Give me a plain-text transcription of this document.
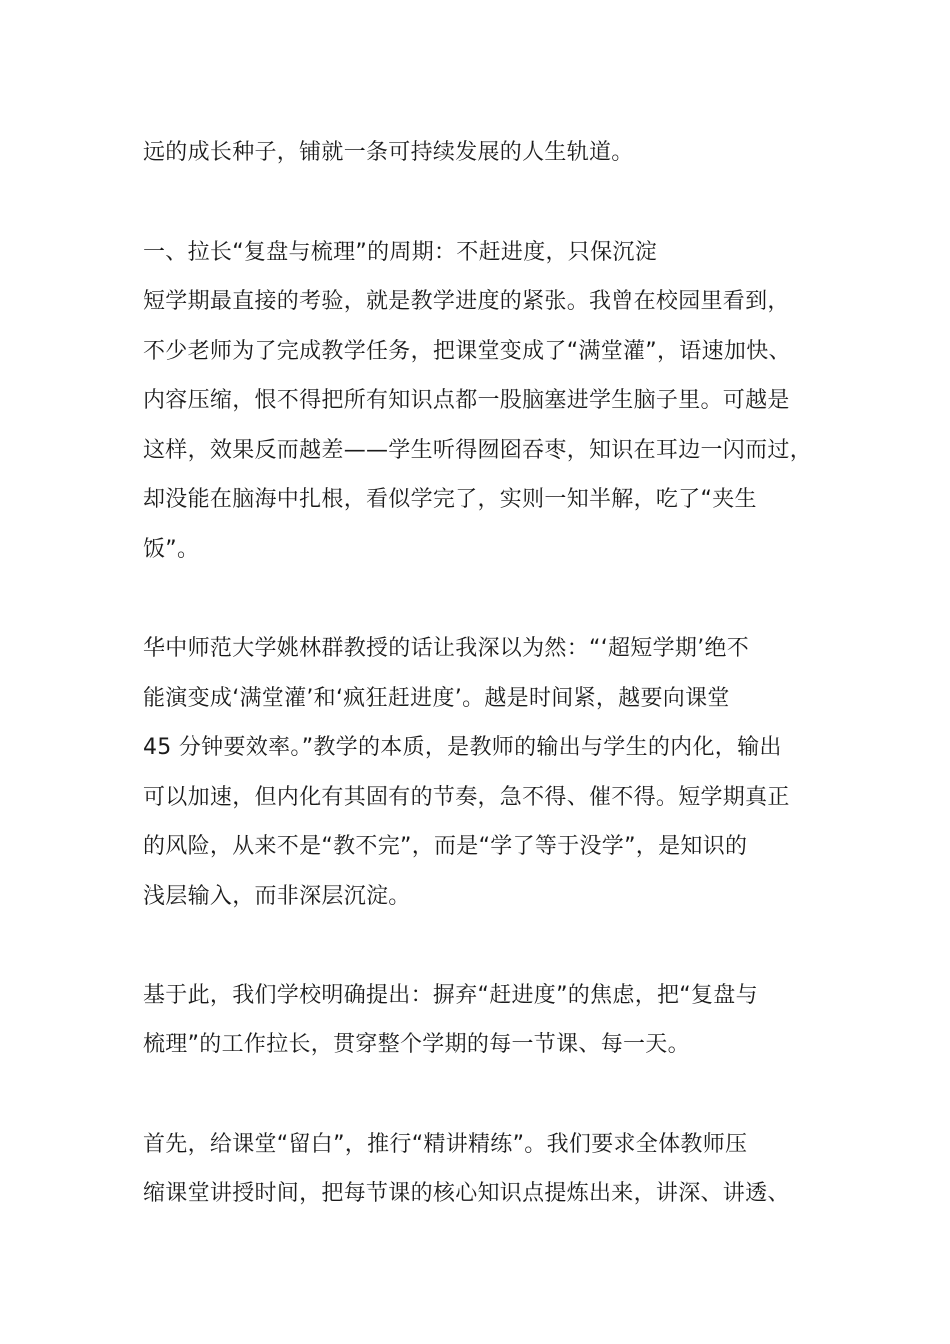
远的成长种子，铺就一条可持续发展的人生轨道。
一、拉长“复盘与梳理”的周期：不赶进度，只保沉淀
短学期最直接的考验，就是教学进度的紧张。我曾在校园里看到，
不少老师为了完成教学任务，把课堂变成了“满堂灌”，语速加快、
内容压缩，恨不得把所有知识点都一股脑塞进学生脑子里。可越是
这样，效果反而越差——学生听得囫囵吞枣，知识在耳边一闪而过，
却没能在脑海中扎根，看似学完了，实则一知半解，吃了“夹生
饭”。
华中师范大学姚林群教授的话让我深以为然：“‘超短学期’绝不
能演变成‘满堂灌’和‘疯狂赶进度’。越是时间紧，越要向课堂
45 分钟要效率。”教学的本质，是教师的输出与学生的内化，输出
可以加速，但内化有其固有的节奏，急不得、催不得。短学期真正
的风险，从来不是“教不完”，而是“学了等于没学”，是知识的
浅层输入，而非深层沉淀。
基于此，我们学校明确提出：摒弃“赶进度”的焦虑，把“复盘与
梳理”的工作拉长，贯穿整个学期的每一节课、每一天。
首先，给课堂“留白”，推行“精讲精练”。我们要求全体教师压
缩课堂讲授时间，把每节课的核心知识点提炼出来，讲深、讲透、
